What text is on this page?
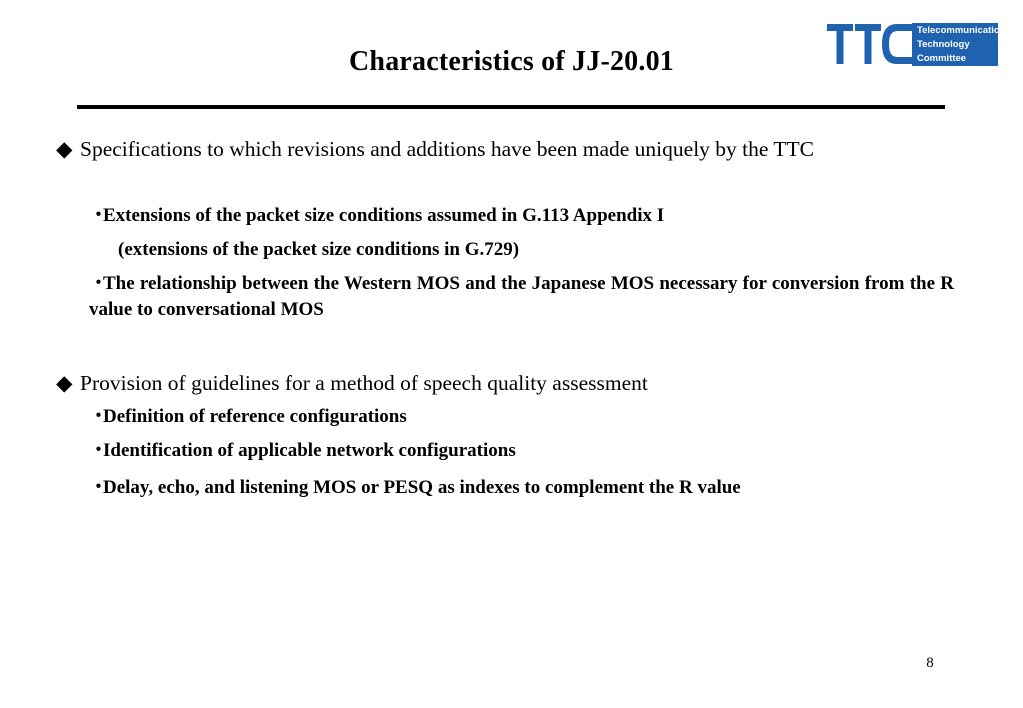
Characteristics of JJ-20.01
Telecommunication
Technology
Committee

◆ Specifications to which revisions and additions have been made uniquely by the TTC

・Extensions of the packet size conditions assumed in G.113 Appendix I
(extensions of the packet size conditions in G.729)
・The relationship between the Western MOS and the Japanese MOS necessary for conversion from the R value to conversational MOS

◆ Provision of guidelines for a method of speech quality assessment

・Definition of reference configurations
・Identification of applicable network configurations
・Delay, echo, and listening MOS or PESQ as indexes to complement the R value
8
